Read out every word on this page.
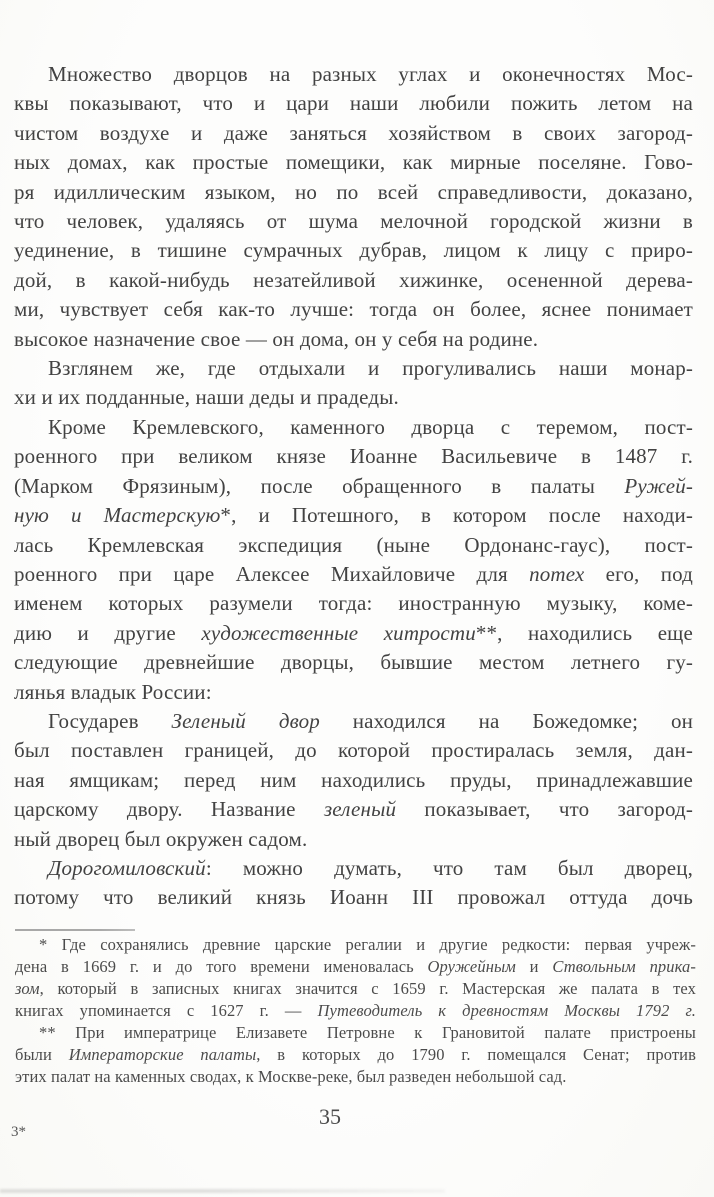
Множество дворцов на разных углах и оконечностях Мос-
квы показывают, что и цари наши любили пожить летом на
чистом воздухе и даже заняться хозяйством в своих загород-
ных домах, как простые помещики, как мирные поселяне. Гово-
ря идиллическим языком, но по всей справедливости, доказано,
что человек, удаляясь от шума мелочной городской жизни в
уединение, в тишине сумрачных дубрав, лицом к лицу с приро-
дой, в какой-нибудь незатейливой хижинке, осененной дерева-
ми, чувствует себя как-то лучше: тогда он более, яснее понимает
высокое назначение свое — он дома, он у себя на родине.
Взглянем же, где отдыхали и прогуливались наши монар-
хи и их подданные, наши деды и прадеды.
Кроме Кремлевского, каменного дворца с теремом, пост-
роенного при великом князе Иоанне Васильевиче в 1487 г.
(Марком Фрязиным), после обращенного в палаты Ружей-
ную и Мастерскую*, и Потешного, в котором после находи-
лась Кремлевская экспедиция (ныне Ордонанс-гаус), пост-
роенного при царе Алексее Михайловиче для потех его, под
именем которых разумели тогда: иностранную музыку, коме-
дию и другие художественные хитрости**, находились еще
следующие древнейшие дворцы, бывшие местом летнего гу-
лянья владык России:
Государев Зеленый двор находился на Божедомке; он
был поставлен границей, до которой простиралась земля, дан-
ная ямщикам; перед ним находились пруды, принадлежавшие
царскому двору. Название зеленый показывает, что загород-
ный дворец был окружен садом.
Дорогомиловский: можно думать, что там был дворец,
потому что великий князь Иоанн III провожал оттуда дочь
* Где сохранялись древние царские регалии и другие редкости: первая учреж-
дена в 1669 г. и до того времени именовалась Оружейным и Ствольным прика-
зом, который в записных книгах значится с 1659 г. Мастерская же палата в тех
книгах упоминается с 1627 г. — Путеводитель к древностям Москвы 1792 г.
** При императрице Елизавете Петровне к Грановитой палате пристроены
были Императорские палаты, в которых до 1790 г. помещался Сенат; против
этих палат на каменных сводах, к Москве-реке, был разведен небольшой сад.
35
3*
